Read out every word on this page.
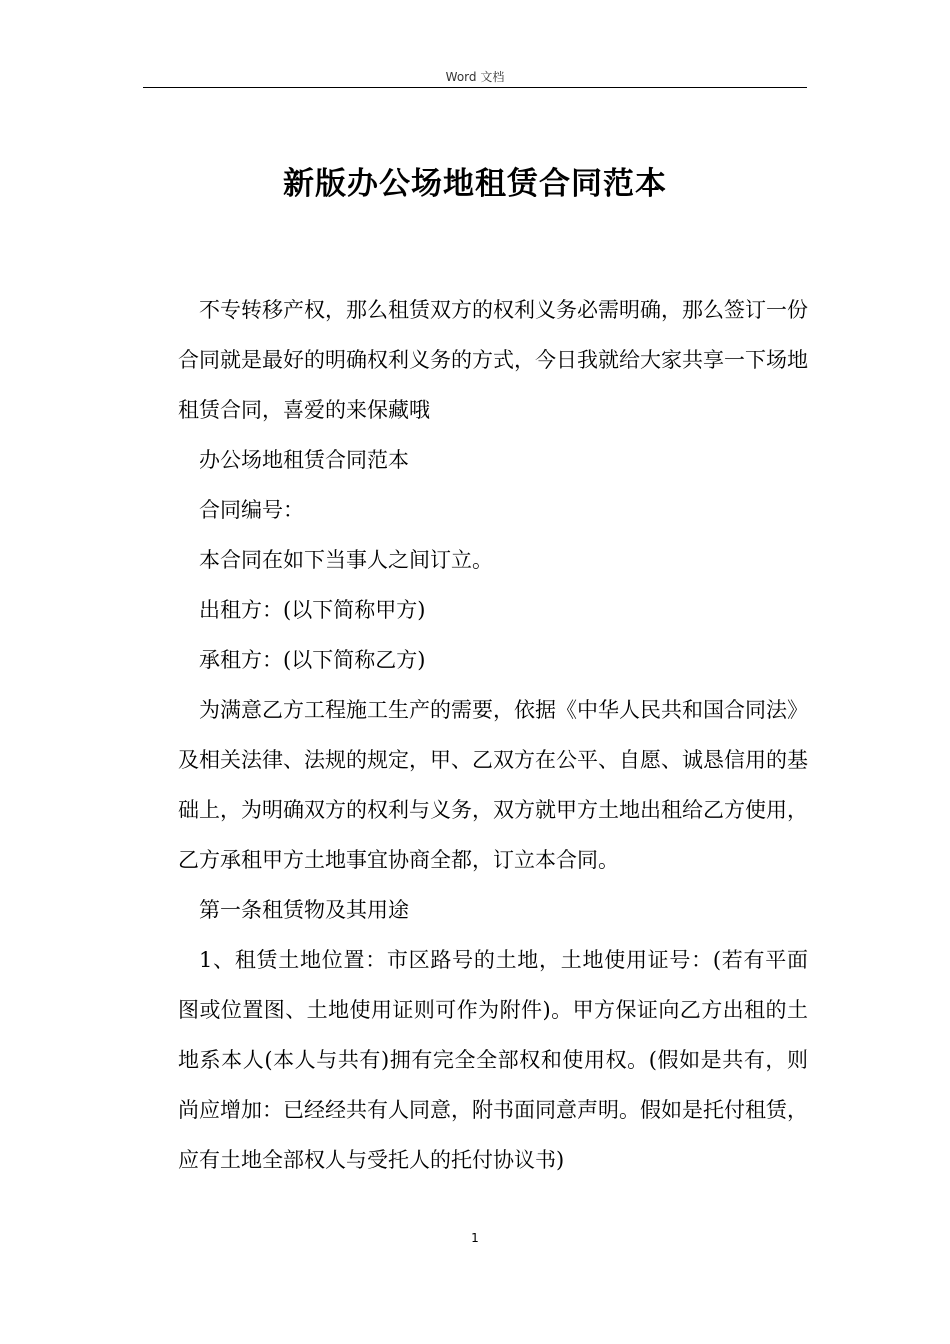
Word 文档
新版办公场地租赁合同范本

不专转移产权，那么租赁双方的权利义务必需明确，那么签订一份合同就是最好的明确权利义务的方式，今日我就给大家共享一下场地租赁合同，喜爱的来保藏哦

办公场地租赁合同范本

合同编号：

本合同在如下当事人之间订立。

出租方：(以下简称甲方)

承租方：(以下简称乙方)

为满意乙方工程施工生产的需要，依据《中华人民共和国合同法》及相关法律、法规的规定，甲、乙双方在公平、自愿、诚恳信用的基础上，为明确双方的权利与义务，双方就甲方土地出租给乙方使用，乙方承租甲方土地事宜协商全都，订立本合同。

第一条租赁物及其用途

1、租赁土地位置：市区路号的土地，土地使用证号：(若有平面图或位置图、土地使用证则可作为附件)。甲方保证向乙方出租的土地系本人(本人与共有)拥有完全全部权和使用权。(假如是共有，则尚应增加：已经经共有人同意，附书面同意声明。假如是托付租赁，应有土地全部权人与受托人的托付协议书)

1
